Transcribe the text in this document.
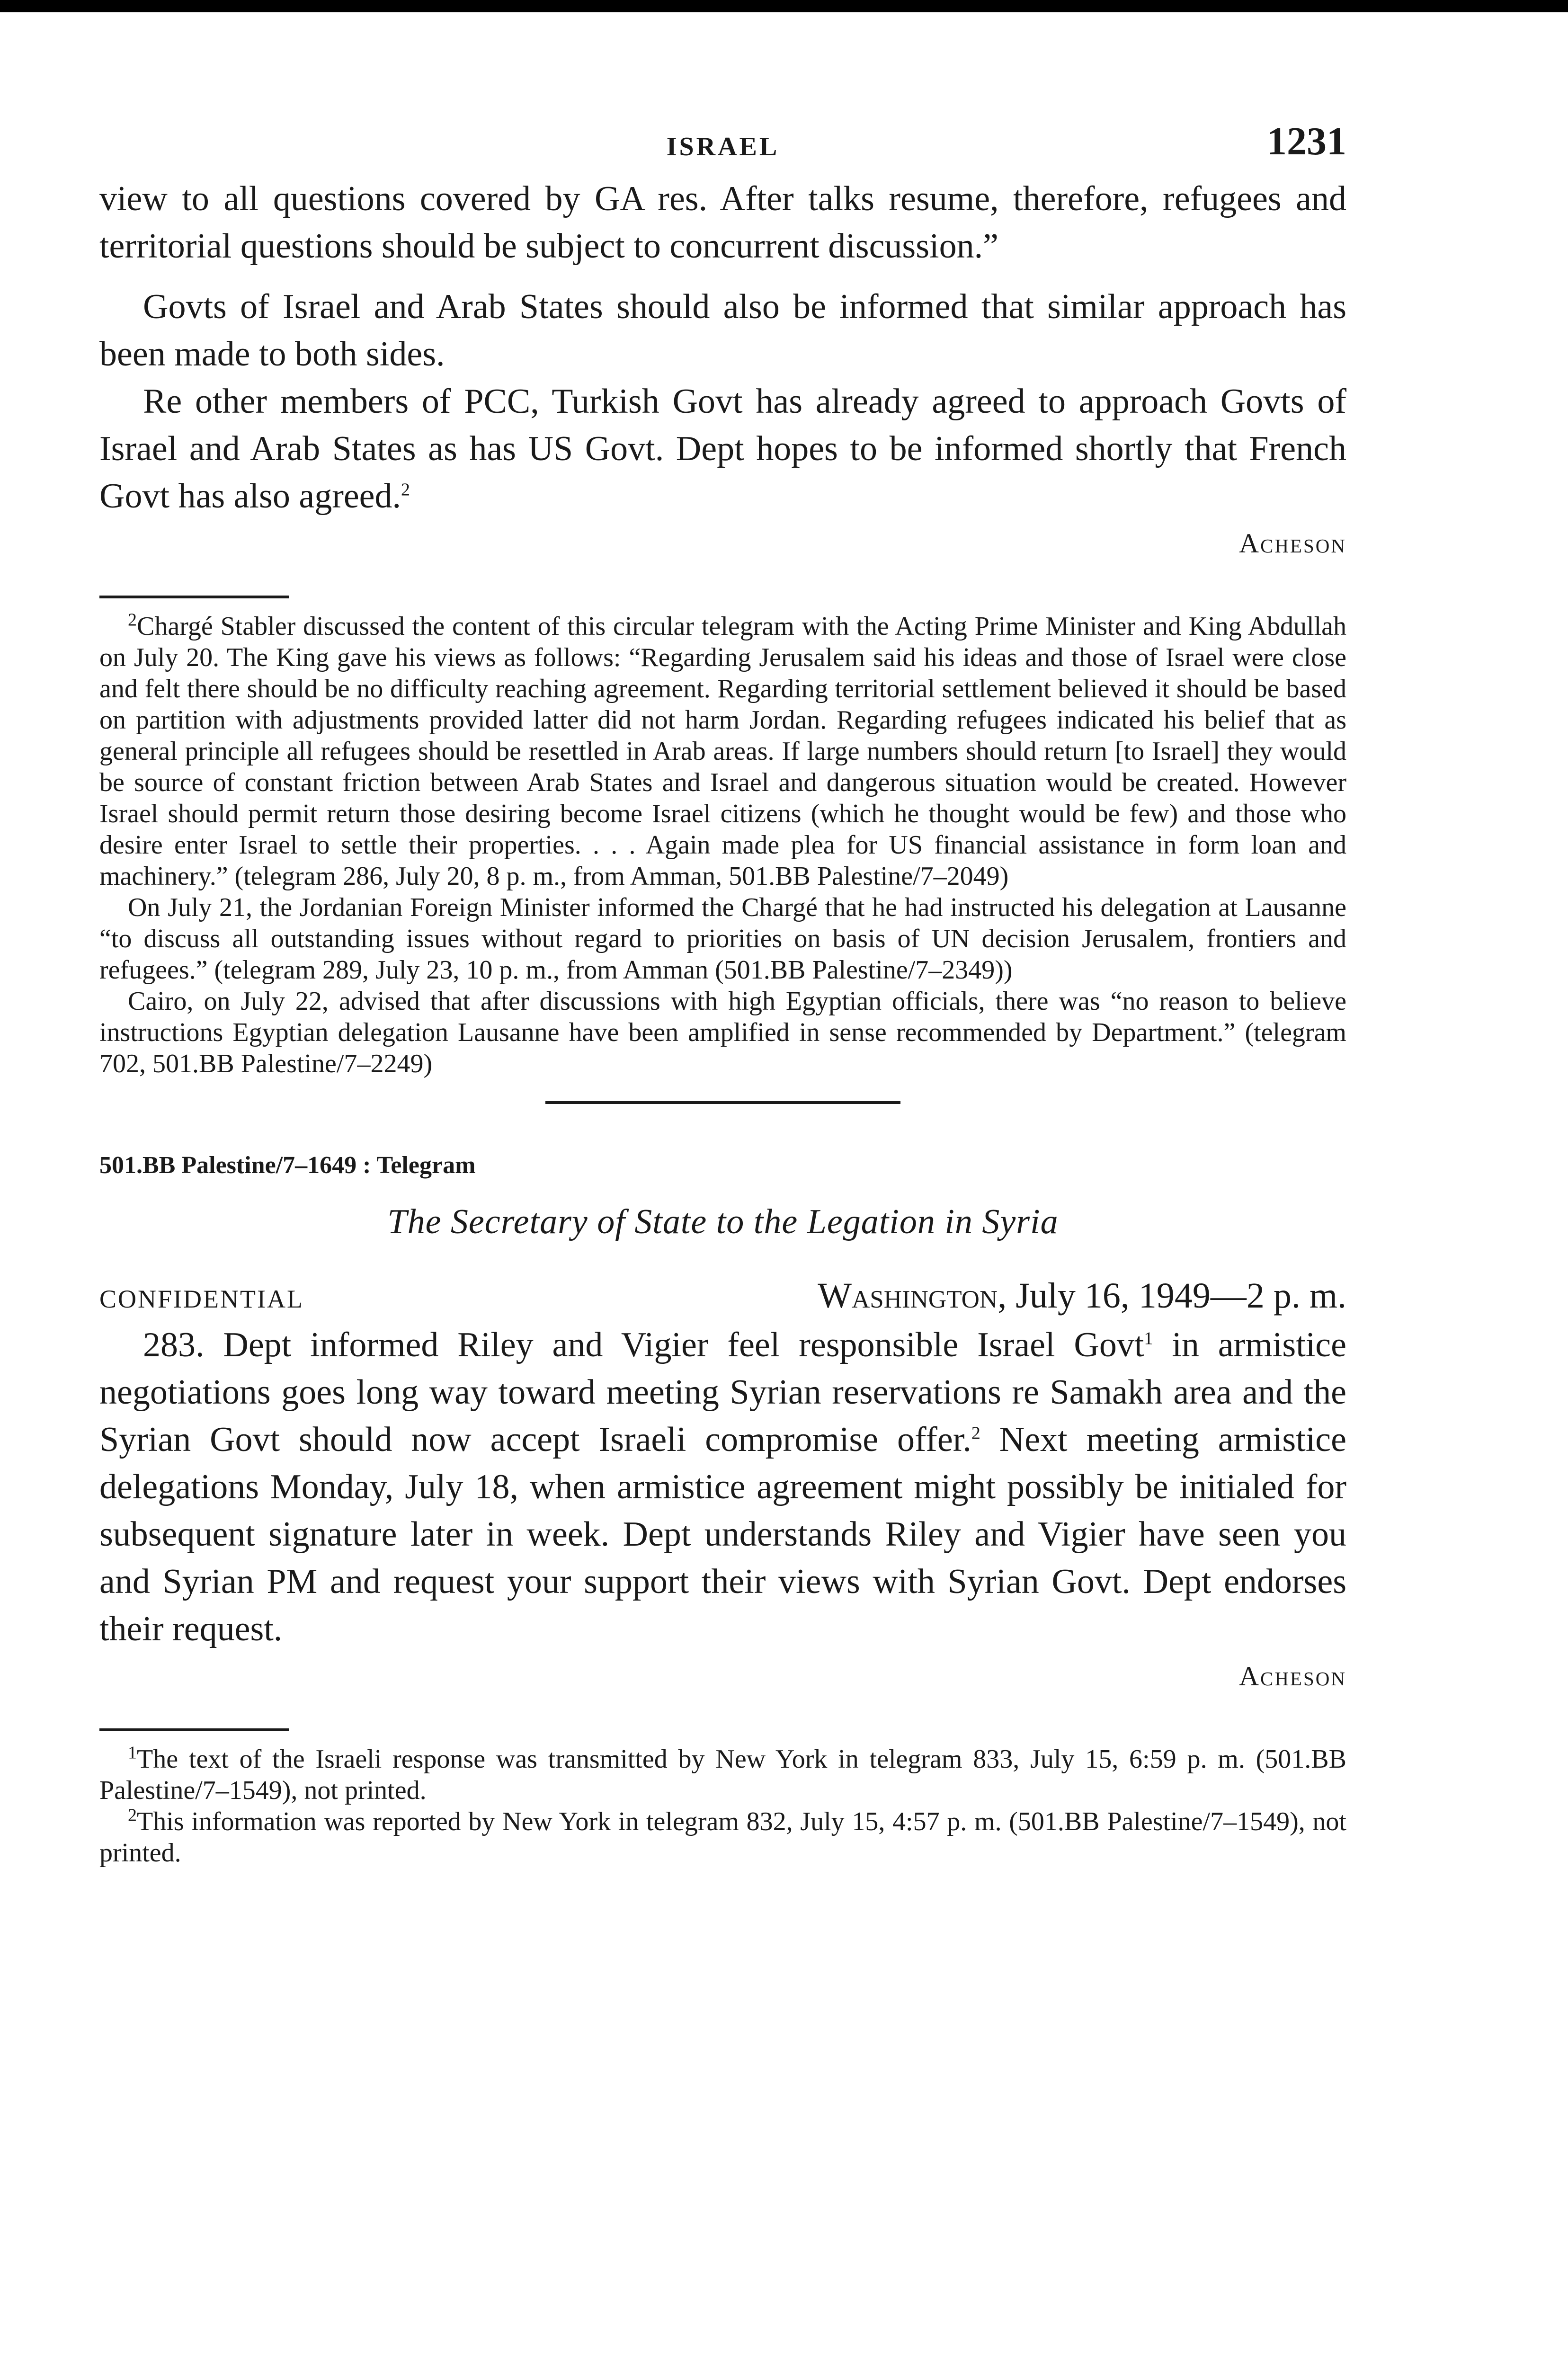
ISRAEL	1231

view to all questions covered by GA res. After talks resume, therefore, refugees and territorial questions should be subject to concurrent discussion.”

Govts of Israel and Arab States should also be informed that similar approach has been made to both sides.

Re other members of PCC, Turkish Govt has already agreed to approach Govts of Israel and Arab States as has US Govt. Dept hopes to be informed shortly that French Govt has also agreed.$^2$

Acheson

$^2$Chargé Stabler discussed the content of this circular telegram with the Acting Prime Minister and King Abdullah on July 20. The King gave his views as follows: “Regarding Jerusalem said his ideas and those of Israel were close and felt there should be no difficulty reaching agreement. Regarding territorial settlement believed it should be based on partition with adjustments provided latter did not harm Jordan. Regarding refugees indicated his belief that as general principle all refugees should be resettled in Arab areas. If large numbers should return [to Israel] they would be source of constant friction between Arab States and Israel and dangerous situation would be created. However Israel should permit return those desiring become Israel citizens (which he thought would be few) and those who desire enter Israel to settle their properties. . . . Again made plea for US financial assistance in form loan and machinery.” (telegram 286, July 20, 8 p. m., from Amman, 501.BB Palestine/7–2049)

On July 21, the Jordanian Foreign Minister informed the Chargé that he had instructed his delegation at Lausanne “to discuss all outstanding issues without regard to priorities on basis of UN decision Jerusalem, frontiers and refugees.” (telegram 289, July 23, 10 p. m., from Amman (501.BB Palestine/7–2349))

Cairo, on July 22, advised that after discussions with high Egyptian officials, there was “no reason to believe instructions Egyptian delegation Lausanne have been amplified in sense recommended by Department.” (telegram 702, 501.BB Palestine/7–2249)

501.BB Palestine/7–1649 : Telegram

The Secretary of State to the Legation in Syria

CONFIDENTIAL	Washington, July 16, 1949—2 p. m.

283. Dept informed Riley and Vigier feel responsible Israel Govt$^1$ in armistice negotiations goes long way toward meeting Syrian reservations re Samakh area and the Syrian Govt should now accept Israeli compromise offer.$^2$ Next meeting armistice delegations Monday, July 18, when armistice agreement might possibly be initialed for subsequent signature later in week. Dept understands Riley and Vigier have seen you and Syrian PM and request your support their views with Syrian Govt. Dept endorses their request.

Acheson

$^1$The text of the Israeli response was transmitted by New York in telegram 833, July 15, 6:59 p. m. (501.BB Palestine/7–1549), not printed.

$^2$This information was reported by New York in telegram 832, July 15, 4:57 p. m. (501.BB Palestine/7–1549), not printed.
